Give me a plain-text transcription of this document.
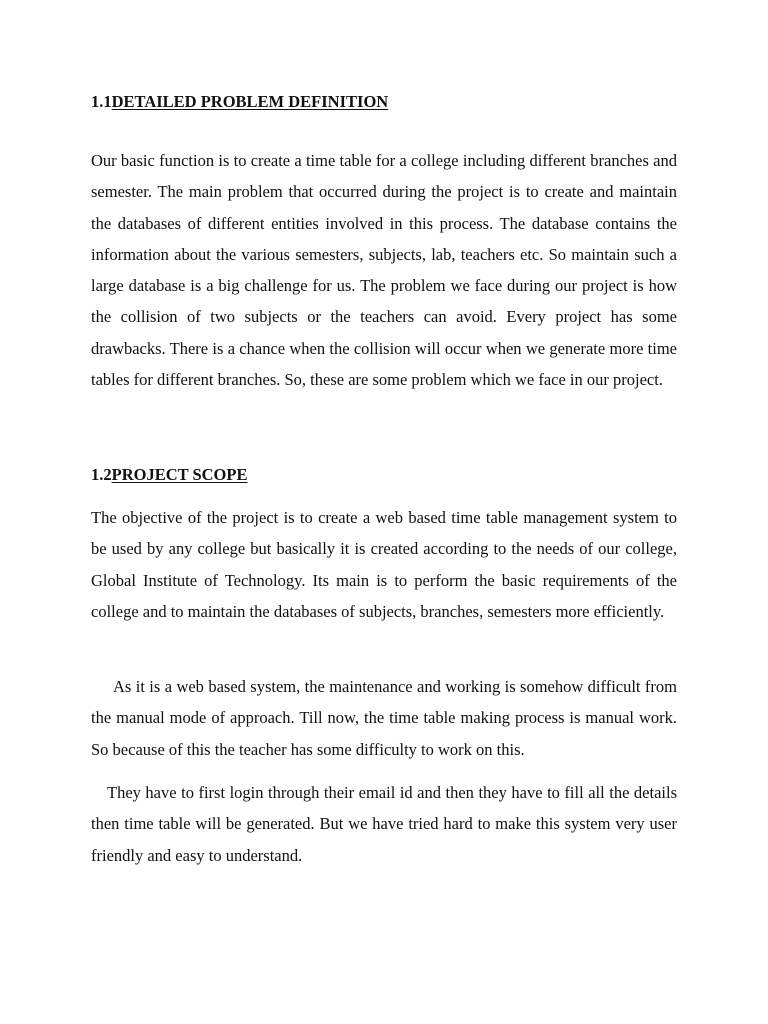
1.1DETAILED PROBLEM DEFINITION

Our basic function is to create a time table for a college including different branches and semester. The main problem that occurred during the project is to create and maintain the databases of different entities involved in this process. The database contains the information about the various semesters, subjects, lab, teachers etc. So maintain such a large database is a big challenge for us. The problem we face during our project is how the collision of two subjects or the teachers can avoid. Every project has some drawbacks. There is a chance when the collision will occur when we generate more time tables for different branches. So, these are some problem which we face in our project.

1.2PROJECT SCOPE

The objective of the project is to create a web based time table management system to be used by any college but basically it is created according to the needs of our college, Global Institute of Technology. Its main is to perform the basic requirements of the college and to maintain the databases of subjects, branches, semesters more efficiently.

As it is a web based system, the maintenance and working is somehow difficult from the manual mode of approach. Till now, the time table making process is manual work. So because of this the teacher has some difficulty to work on this.

They have to first login through their email id and then they have to fill all the details then time table will be generated. But we have tried hard to make this system very user friendly and easy to understand.
